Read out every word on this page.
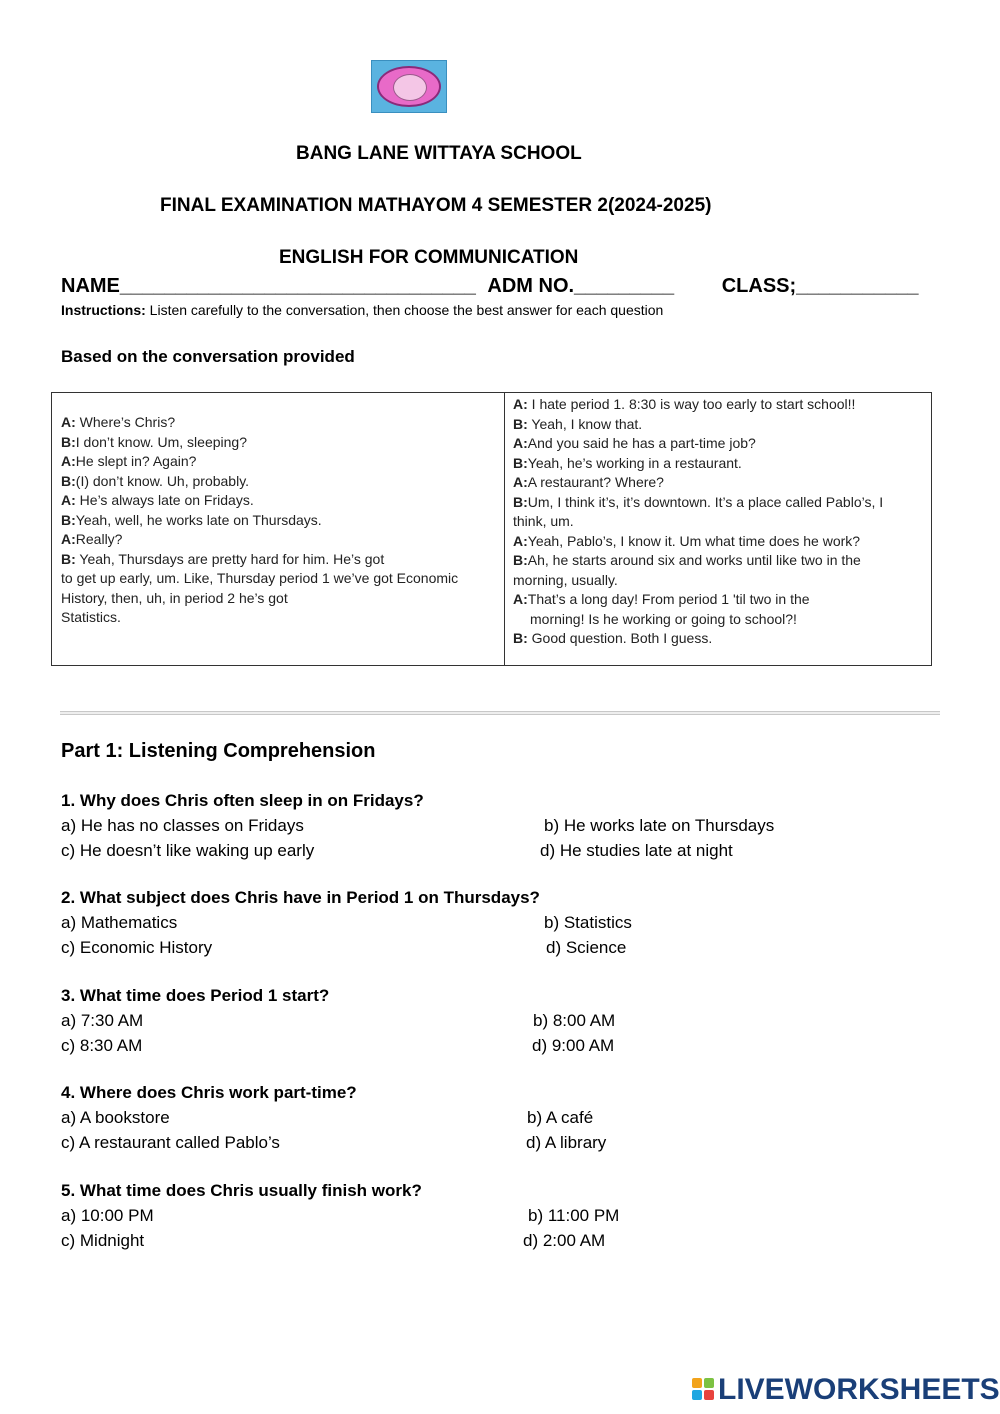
BANG LANE WITTAYA SCHOOL
FINAL EXAMINATION MATHAYOM 4 SEMESTER 2(2024-2025)
ENGLISH FOR COMMUNICATION
NAME________________________________ ADM NO._________ CLASS;___________
Instructions: Listen carefully to the conversation, then choose the best answer for each question
Based on the conversation provided
A: Where’s Chris?
B:I don’t know. Um, sleeping?
A:He slept in? Again?
B:(I) don’t know. Uh, probably.
A: He’s always late on Fridays.
B:Yeah, well, he works late on Thursdays.
A:Really?
B: Yeah, Thursdays are pretty hard for him. He’s got
to get up early, um. Like, Thursday period 1 we’ve got Economic
History, then, uh, in period 2 he’s got
Statistics.
A: I hate period 1. 8:30 is way too early to start school!!
B: Yeah, I know that.
A:And you said he has a part-time job?
B:Yeah, he’s working in a restaurant.
A:A restaurant? Where?
B:Um, I think it’s, it’s downtown. It’s a place called Pablo’s, I
think, um.
A:Yeah, Pablo’s, I know it. Um what time does he work?
B:Ah, he starts around six and works until like two in the
morning, usually.
A:That’s a long day! From period 1 'til two in the
morning! Is he working or going to school?!
B: Good question. Both I guess.
Part 1: Listening Comprehension
1. Why does Chris often sleep in on Fridays?
a) He has no classes on Fridays	b) He works late on Thursdays
c) He doesn’t like waking up early	d) He studies late at night
2. What subject does Chris have in Period 1 on Thursdays?
a) Mathematics	b) Statistics
c) Economic History	d) Science
3. What time does Period 1 start?
a) 7:30 AM	b) 8:00 AM
c) 8:30 AM	d) 9:00 AM
4. Where does Chris work part-time?
a) A bookstore	b) A café
c) A restaurant called Pablo’s	d) A library
5. What time does Chris usually finish work?
a) 10:00 PM	b) 11:00 PM
c) Midnight	d) 2:00 AM
LIVEWORKSHEETS
